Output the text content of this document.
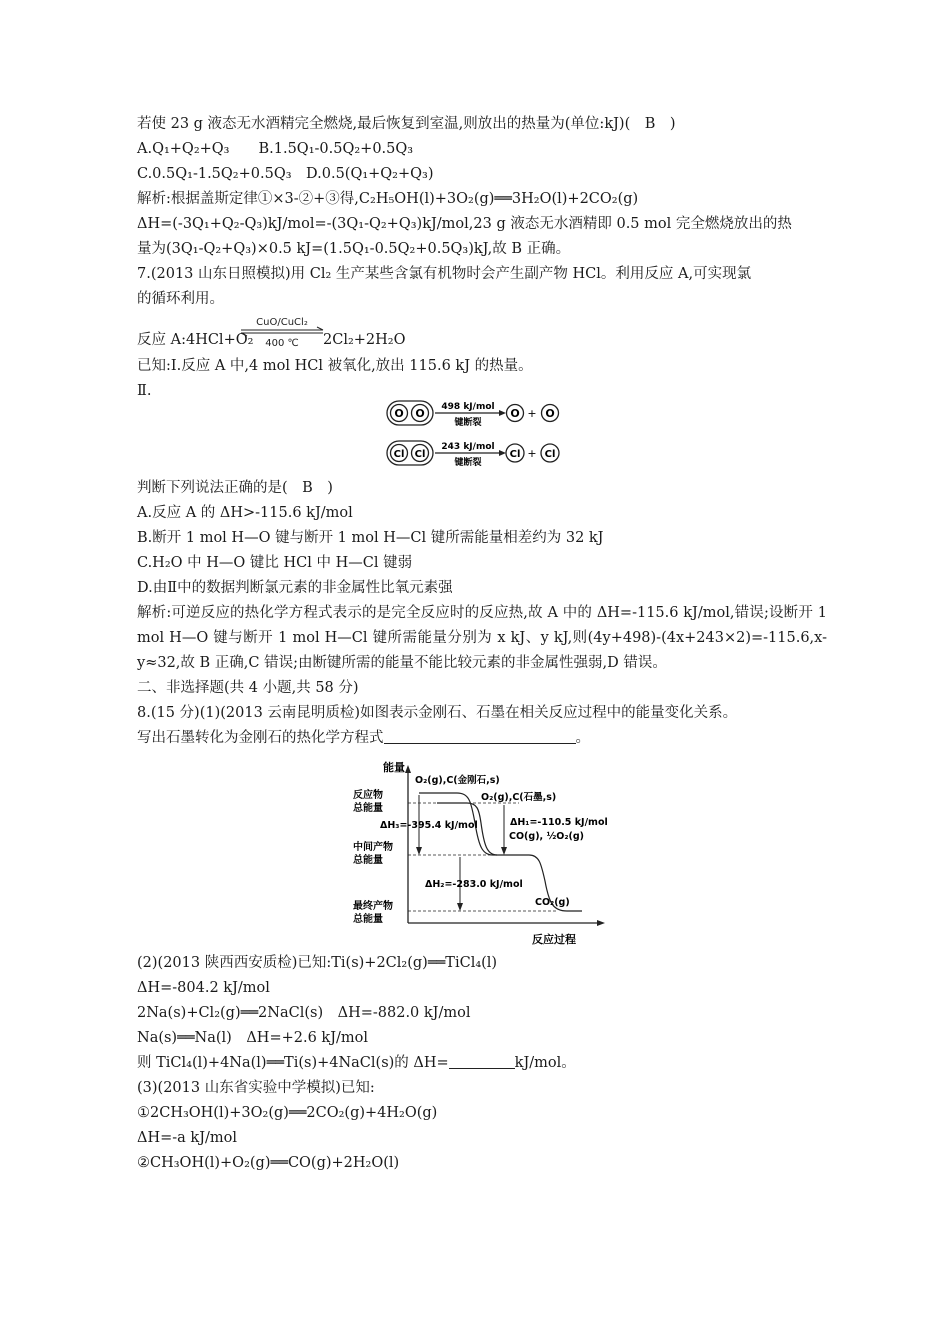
若使 23 g 液态无水酒精完全燃烧,最后恢复到室温,则放出的热量为(单位:kJ)(　B　)
A.Q₁+Q₂+Q₃　　B.1.5Q₁-0.5Q₂+0.5Q₃
C.0.5Q₁-1.5Q₂+0.5Q₃　D.0.5(Q₁+Q₂+Q₃)
解析:根据盖斯定律①×3-②+③得,C₂H₅OH(l)+3O₂(g)══3H₂O(l)+2CO₂(g)
ΔH=(-3Q₁+Q₂-Q₃)kJ/mol=-(3Q₁-Q₂+Q₃)kJ/mol,23 g 液态无水酒精即 0.5 mol 完全燃烧放出的热
量为(3Q₁-Q₂+Q₃)×0.5 kJ=(1.5Q₁-0.5Q₂+0.5Q₃)kJ,故 B 正确。
7.(2013 山东日照模拟)用 Cl₂ 生产某些含氯有机物时会产生副产物 HCl。利用反应 A,可实现氯
的循环利用。
反应 A:4HCl+O₂
CuO/CuCl₂
400 ℃ 2Cl₂+2H₂O
已知:Ⅰ.反应 A 中,4 mol HCl 被氧化,放出 115.6 kJ 的热量。
Ⅱ.
O O 498 kJ/mol
键断裂
O + O
Cl Cl
243 kJ/mol
键断裂
Cl + Cl
判断下列说法正确的是(　B　)
A.反应 A 的 ΔH>-115.6 kJ/mol
B.断开 1 mol H—O 键与断开 1 mol H—Cl 键所需能量相差约为 32 kJ
C.H₂O 中 H—O 键比 HCl 中 H—Cl 键弱
D.由Ⅱ中的数据判断氯元素的非金属性比氧元素强
解析:可逆反应的热化学方程式表示的是完全反应时的反应热,故 A 中的 ΔH=-115.6 kJ/mol,错误;设断开 1 mol H—O 键与断开 1 mol H—Cl 键所需能量分别为 x kJ、y kJ,则(4y+498)-(4x+243×2)=-115.6,x-y≈32,故 B 正确,C 错误;由断键所需的能量不能比较元素的非金属性强弱,D 错误。
二、非选择题(共 4 小题,共 58 分)
8.(15 分)(1)(2013 云南昆明质检)如图表示金刚石、石墨在相关反应过程中的能量变化关系。
写出石墨转化为金刚石的热化学方程式	。
能量
反应过程
反应物 总能量
中间产物 总能量
最终产物 总能量
O₂(g),C(金刚石,s)
O₂(g),C(石墨,s)
CO(g), ½O₂(g)
CO₂(g)
ΔH₃=-395.4 kJ/mol	ΔH₁=-110.5 kJ/mol
ΔH₂=-283.0 kJ/mol
(2)(2013 陕西西安质检)已知:Ti(s)+2Cl₂(g)══TiCl₄(l)
ΔH=-804.2 kJ/mol
2Na(s)+Cl₂(g)══2NaCl(s)　ΔH=-882.0 kJ/mol
Na(s)══Na(l)　ΔH=+2.6 kJ/mol
则 TiCl₄(l)+4Na(l)══Ti(s)+4NaCl(s)的 ΔH=	kJ/mol。
(3)(2013 山东省实验中学模拟)已知:
①2CH₃OH(l)+3O₂(g)══2CO₂(g)+4H₂O(g)
ΔH=-a kJ/mol
②CH₃OH(l)+O₂(g)══CO(g)+2H₂O(l)
